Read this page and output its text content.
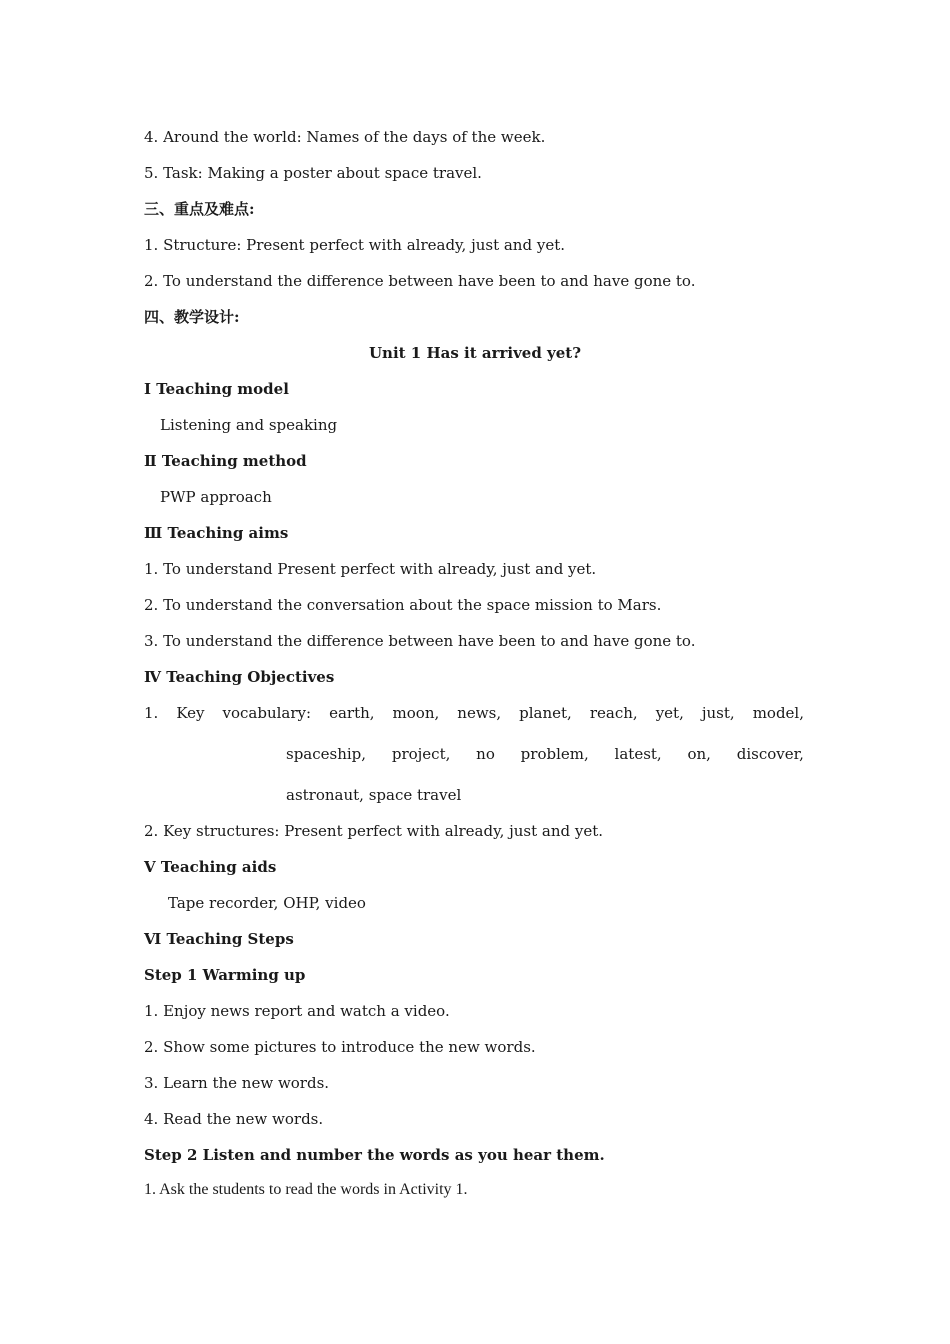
4. Around the world: Names of the days of the week.

5. Task: Making a poster about space travel.

三、重点及难点:

1. Structure: Present perfect with already, just and yet.

2. To understand the difference between have been to and have gone to.

四、教学设计:

Unit 1 Has it arrived yet?

Ⅰ Teaching model

Listening and speaking

Ⅱ Teaching method

PWP approach

Ⅲ Teaching aims

1. To understand Present perfect with already, just and yet.

2. To understand the conversation about the space mission to Mars.

3. To understand the difference between have been to and have gone to.

Ⅳ Teaching Objectives

1. Key vocabulary: earth, moon, news, planet, reach, yet, just, model,
spaceship, project, no problem, latest, on, discover,

astronaut, space travel

2. Key structures: Present perfect with already, just and yet.

Ⅴ Teaching aids

Tape recorder, OHP, video

Ⅵ Teaching Steps

Step 1 Warming up

1. Enjoy news report and watch a video.

2. Show some pictures to introduce the new words.

3. Learn the new words.

4. Read the new words.

Step 2 Listen and number the words as you hear them.

1. Ask the students to read the words in Activity 1.
